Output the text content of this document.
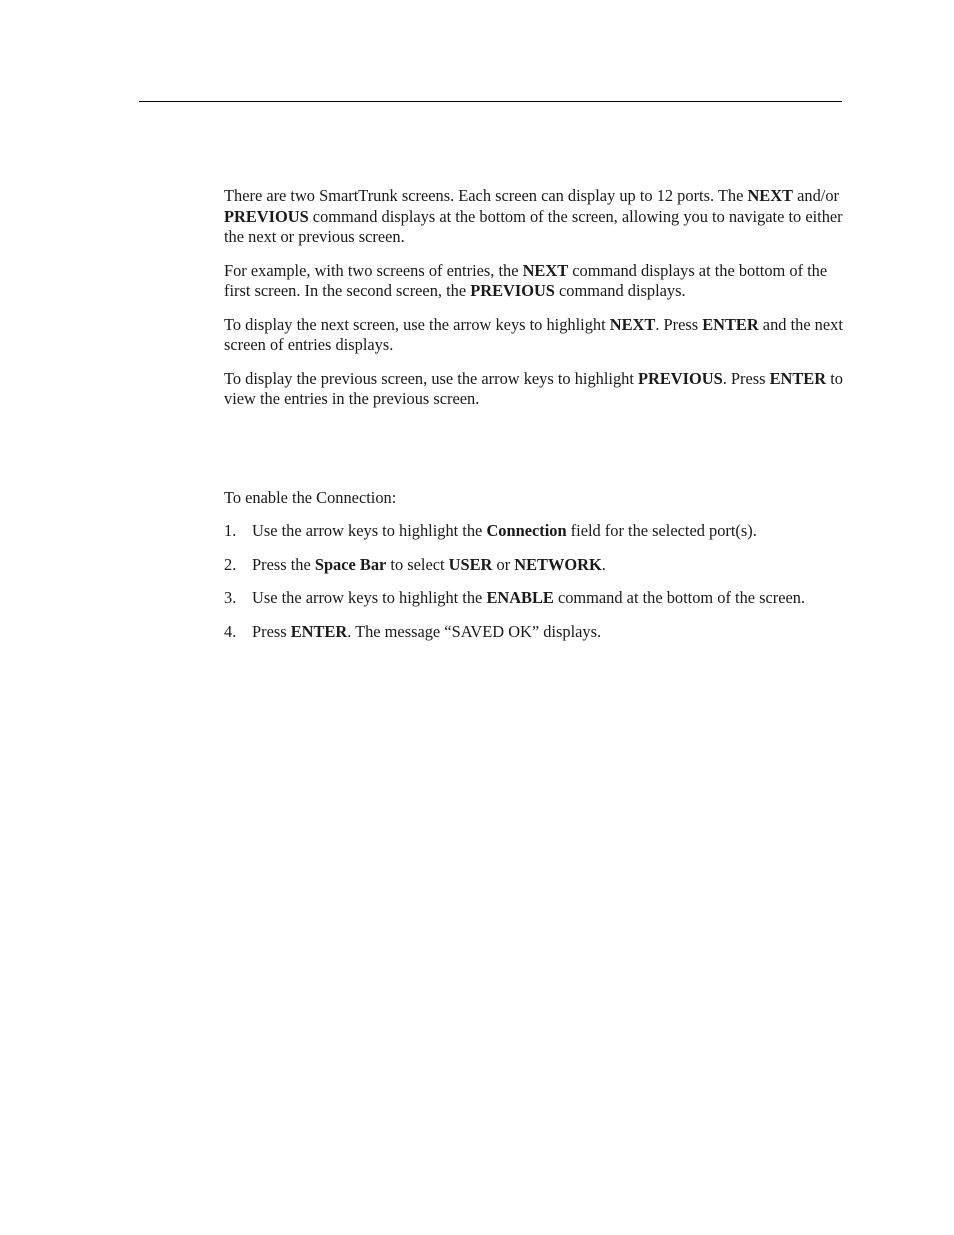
There are two SmartTrunk screens. Each screen can display up to 12 ports. The NEXT and/or PREVIOUS command displays at the bottom of the screen, allowing you to navigate to either the next or previous screen.

For example, with two screens of entries, the NEXT command displays at the bottom of the first screen. In the second screen, the PREVIOUS command displays.

To display the next screen, use the arrow keys to highlight NEXT. Press ENTER and the next screen of entries displays.

To display the previous screen, use the arrow keys to highlight PREVIOUS. Press ENTER to view the entries in the previous screen.

To enable the Connection:

1. Use the arrow keys to highlight the Connection field for the selected port(s).
2. Press the Space Bar to select USER or NETWORK.
3. Use the arrow keys to highlight the ENABLE command at the bottom of the screen.
4. Press ENTER. The message “SAVED OK” displays.
